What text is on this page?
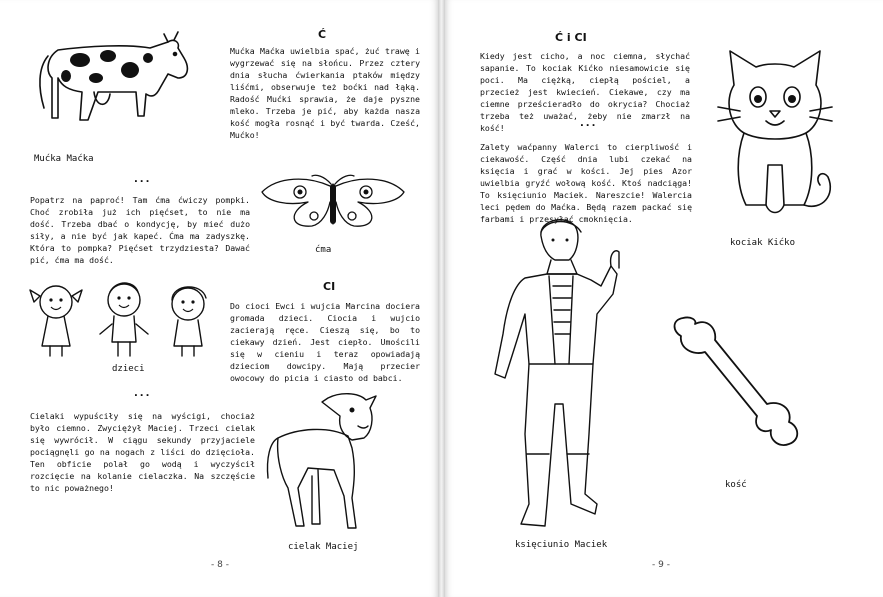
Mućka Maćka
Ć

Mućka Maćka uwielbia spać, żuć trawę i wygrzewać się na słońcu. Przez cztery dnia słucha ćwierkania ptaków między liśćmi, obserwuje też boćki nad łąką. Radość Mućki sprawia, że daje pyszne mleko. Trzeba je pić, aby każda nasza kość mogła rosnąć i być twarda. Cześć, Mućko!

...

Popatrz na paproć! Tam ćma ćwiczy pompki. Choć zrobiła już ich pięćset, to nie ma dość. Trzeba dbać o kondycję, by mieć dużo siły, a nie być jak kapeć. Ćma ma zadyszkę. Która to pompka? Pięćset trzydziesta? Dawać pić, ćma ma dość.

ćma
CI
dzieci

Do cioci Ewci i wujcia Marcina dociera gromada dzieci. Ciocia i wujcio zacierają ręce. Cieszą się, bo to ciekawy dzień. Jest ciepło. Umościli się w cieniu i teraz opowiadają dzieciom dowcipy. Mają przecier owocowy do picia i ciasto od babci.

...

Cielaki wypuściły się na wyścigi, chociaż było ciemno. Zwyciężył Maciej. Trzeci cielak się wywrócił. W ciągu sekundy przyjaciele pociągnęli go na nogach z liści do dzięcioła. Ten obficie polał go wodą i wyczyścił rozcięcie na kolanie cielaczka. Na szczęście to nic poważnego!

cielak Maciej
- 8 -
Ć i CI

Kiedy jest cicho, a noc ciemna, słychać sapanie. To kociak Kićko niesamowicie się poci. Ma ciężką, ciepłą pościel, a przecież jest kwiecień. Ciekawe, czy ma ciemne prześcieradło do okrycia? Chociaż trzeba też uważać, żeby nie zmarzł na kość!

kociak Kićko
...

Zalety waćpanny Walerci to cierpliwość i ciekawość. Część dnia lubi czekać na księcia i grać w kości. Jej pies Azor uwielbia gryźć wołową kość. Ktoś nadciąga! To księciunio Maciek. Nareszcie! Walercia leci pędem do Maćka. Będą razem packać się farbami i przesyłać cmoknięcia.

księciunio Maciek
kość
- 9 -
